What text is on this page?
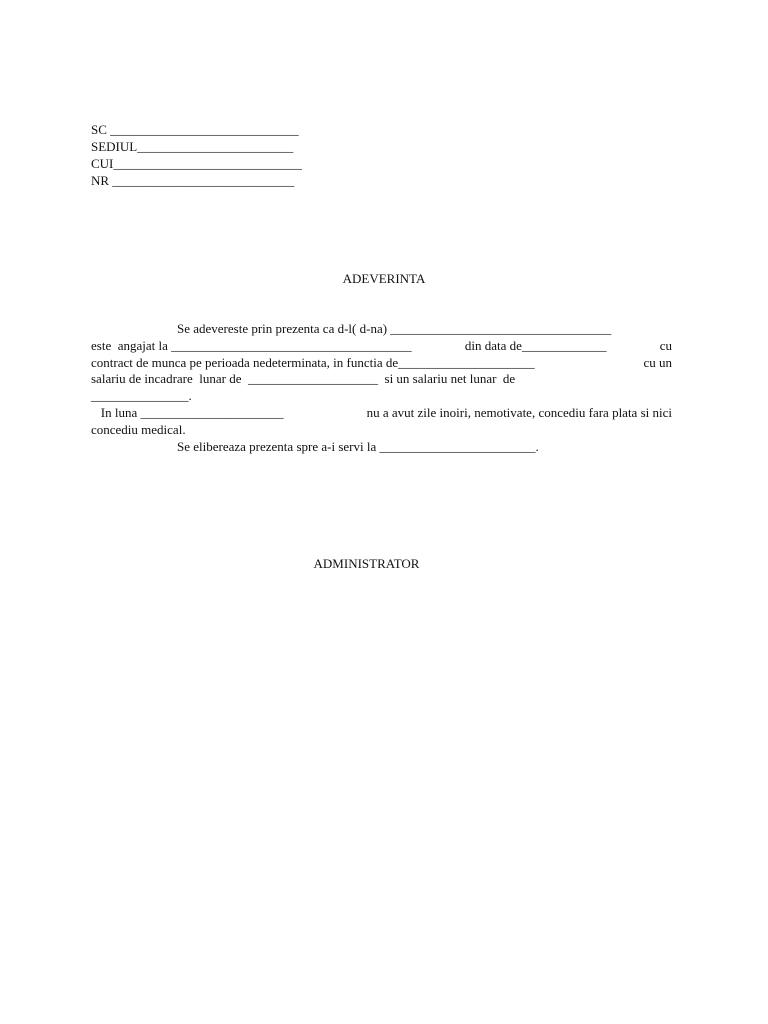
SC _____________________________
SEDIUL________________________
CUI_____________________________
NR ____________________________
ADEVERINTA
Se adevereste prin prezenta ca d-l( d-na) __________________________________
este  angajat la _____________________________________	din data de_____________	cu
contract de munca pe perioada nedeterminata, in functia de_____________________	cu un
salariu de incadrare  lunar de  ____________________ si un salariu net lunar  de
_______________.
In luna ______________________	nu a avut zile inoiri, nemotivate, concediu fara plata si nici
concediu medical.
Se elibereaza prezenta spre a-i servi la ________________________.
ADMINISTRATOR
